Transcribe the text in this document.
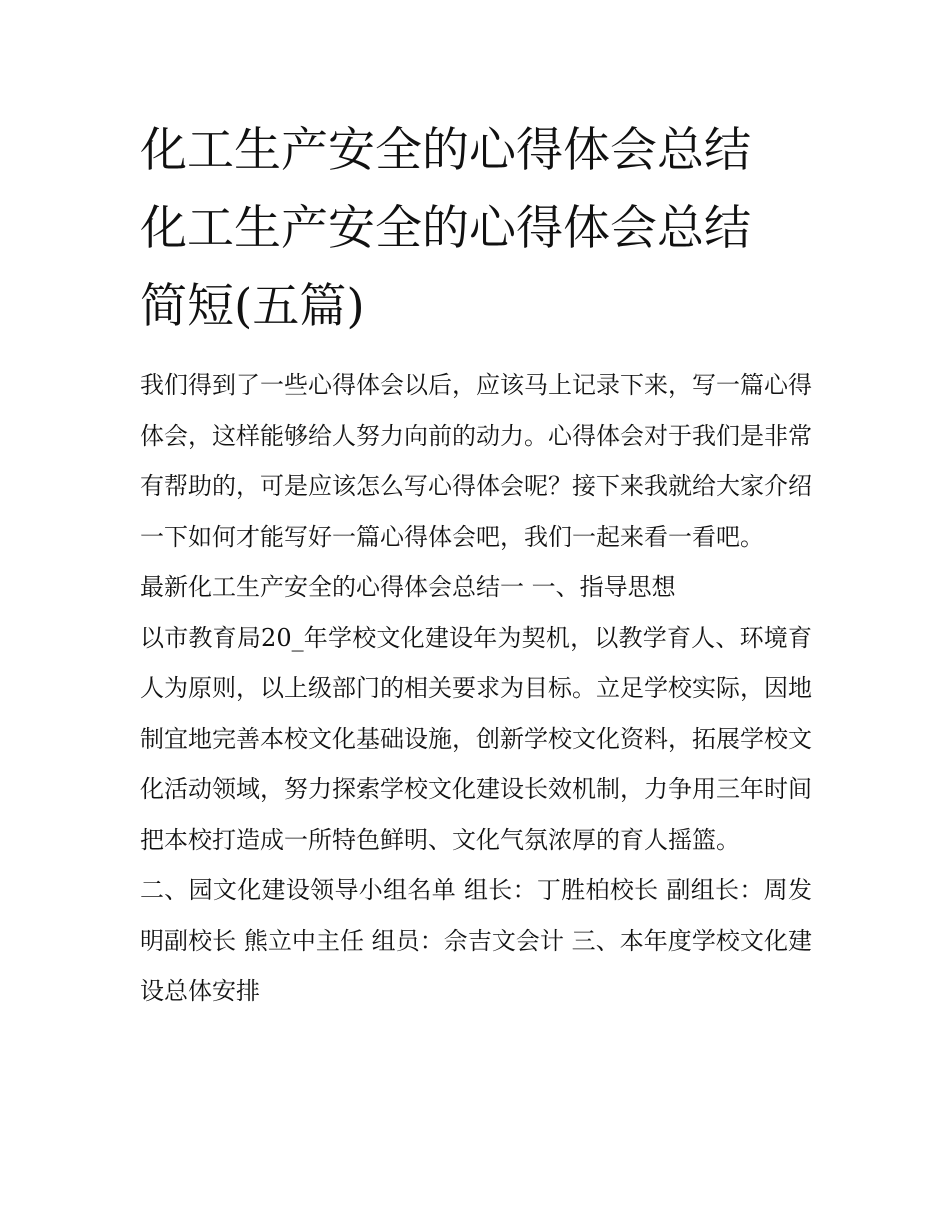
化工生产安全的心得体会总结
化工生产安全的心得体会总结
简短(五篇)

我们得到了一些心得体会以后，应该马上记录下来，写一篇心得体会，这样能够给人努力向前的动力。心得体会对于我们是非常有帮助的，可是应该怎么写心得体会呢？接下来我就给大家介绍一下如何才能写好一篇心得体会吧，我们一起来看一看吧。

最新化工生产安全的心得体会总结一 一、指导思想

以市教育局20_年学校文化建设年为契机，以教学育人、环境育人为原则，以上级部门的相关要求为目标。立足学校实际，因地制宜地完善本校文化基础设施，创新学校文化资料，拓展学校文化活动领域，努力探索学校文化建设长效机制，力争用三年时间把本校打造成一所特色鲜明、文化气氛浓厚的育人摇篮。

二、园文化建设领导小组名单 组长：丁胜柏校长 副组长：周发明副校长 熊立中主任 组员：佘吉文会计 三、本年度学校文化建设总体安排
